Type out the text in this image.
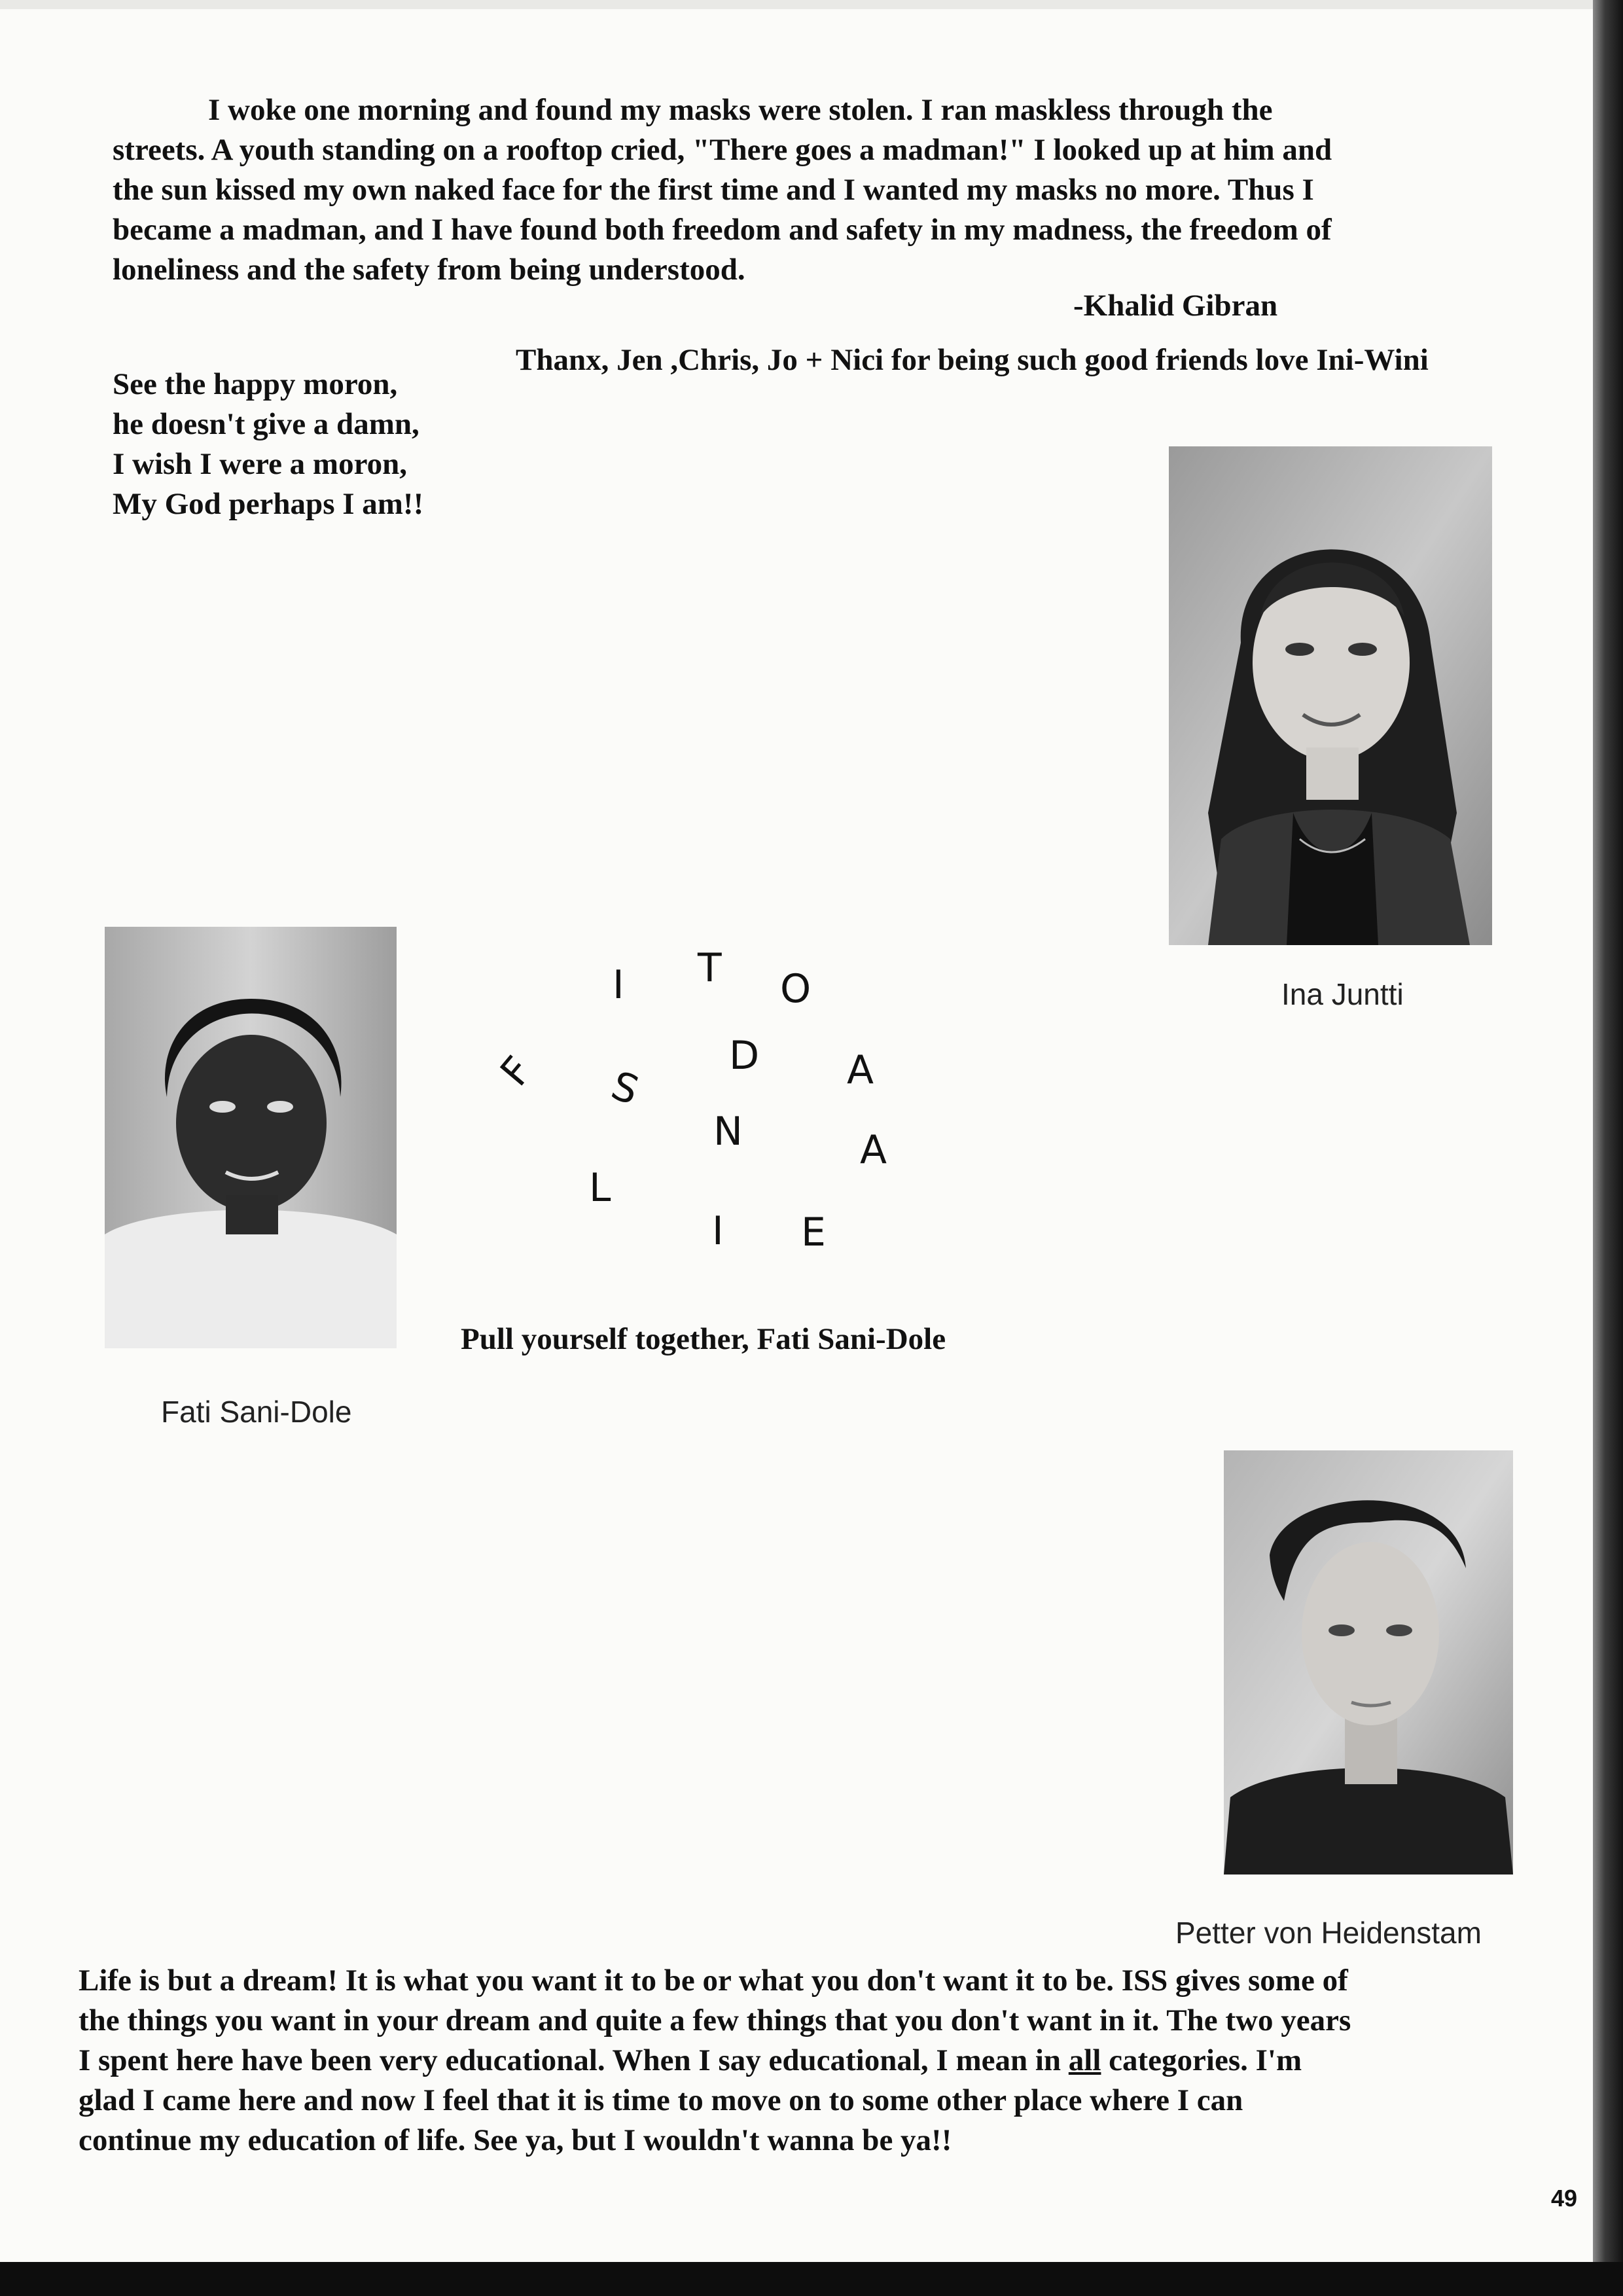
I woke one morning and found my masks were stolen. I ran maskless through the streets. A youth standing on a rooftop cried, "There goes a madman!" I looked up at him and the sun kissed my own naked face for the first time and I wanted my masks no more. Thus I became a madman, and I have found both freedom and safety in my madness, the freedom of loneliness and the safety from being understood.

-Khalid Gibran
Thanx, Jen ,Chris, Jo + Nici for being such good friends love Ini-Wini
See the happy moron,
he doesn't give a damn,
I wish I were a moron,
My God perhaps I am!!
Ina Juntti
Fati Sani-Dole
I T O
F S
D A
N	A
L
I E
Pull yourself together, Fati Sani-Dole
Petter von Heidenstam

Life is but a dream! It is what you want it to be or what you don't want it to be. ISS gives some of the things you want in your dream and quite a few things that you don't want in it. The two years I spent here have been very educational. When I say educational, I mean in all categories. I'm glad I came here and now I feel that it is time to move on to some other place where I can continue my education of life. See ya, but I wouldn't wanna be ya!!

49
